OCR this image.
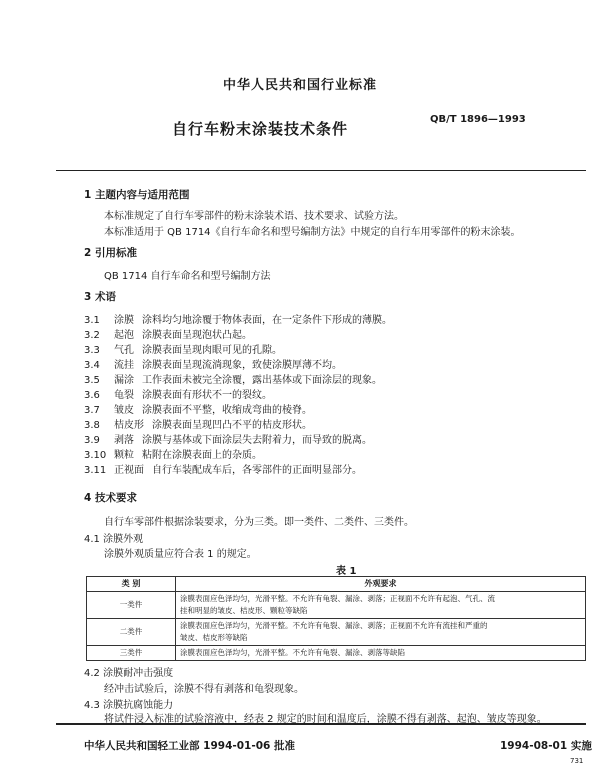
中华人民共和国行业标准
自行车粉末涂装技术条件
QB/T 1896—1993
1 主题内容与适用范围
本标准规定了自行车零部件的粉末涂装术语、技术要求、试验方法。
本标准适用于 QB 1714《自行车命名和型号编制方法》中规定的自行车用零部件的粉末涂装。
2 引用标准
QB 1714 自行车命名和型号编制方法
3 术语
3.1 涂膜 涂料均匀地涂覆于物体表面，在一定条件下形成的薄膜。
3.2 起泡 涂膜表面呈现泡状凸起。
3.3 气孔 涂膜表面呈现肉眼可见的孔隙。
3.4 流挂 涂膜表面呈现流淌现象，致使涂膜厚薄不均。
3.5 漏涂 工作表面未被完全涂覆，露出基体或下面涂层的现象。
3.6 龟裂 涂膜表面有形状不一的裂纹。
3.7 皱皮 涂膜表面不平整，收缩成弯曲的棱脊。
3.8 桔皮形 涂膜表面呈现凹凸不平的桔皮形状。
3.9 剥落 涂膜与基体或下面涂层失去附着力，而导致的脱离。
3.10 颗粒 粘附在涂膜表面上的杂质。
3.11 正视面 自行车装配成车后，各零部件的正面明显部分。
4 技术要求
自行车零部件根据涂装要求，分为三类。即一类件、二类件、三类件。
4.1 涂膜外观
涂膜外观质量应符合表 1 的规定。
表 1
类 别	外观要求
一类件	涂膜表面应色泽均匀，光滑平整。不允许有龟裂、漏涂、剥落；正视面不允许有起泡、气孔、流
挂和明显的皱皮、桔皮形、颗粒等缺陷

二类件	涂膜表面应色泽均匀，光滑平整。不允许有龟裂、漏涂、剥落；正视面不允许有流挂和严重的
皱皮、桔皮形等缺陷

三类件	涂膜表面应色泽均匀，光滑平整。不允许有龟裂、漏涂、剥落等缺陷
4.2 涂膜耐冲击强度
经冲击试验后，涂膜不得有剥落和龟裂现象。
4.3 涂膜抗腐蚀能力
将试件浸入标准的试验溶液中，经表 2 规定的时间和温度后，涂膜不得有剥落、起泡、皱皮等现象。
中华人民共和国轻工业部 1994-01-06 批准	1994-08-01 实施
731
